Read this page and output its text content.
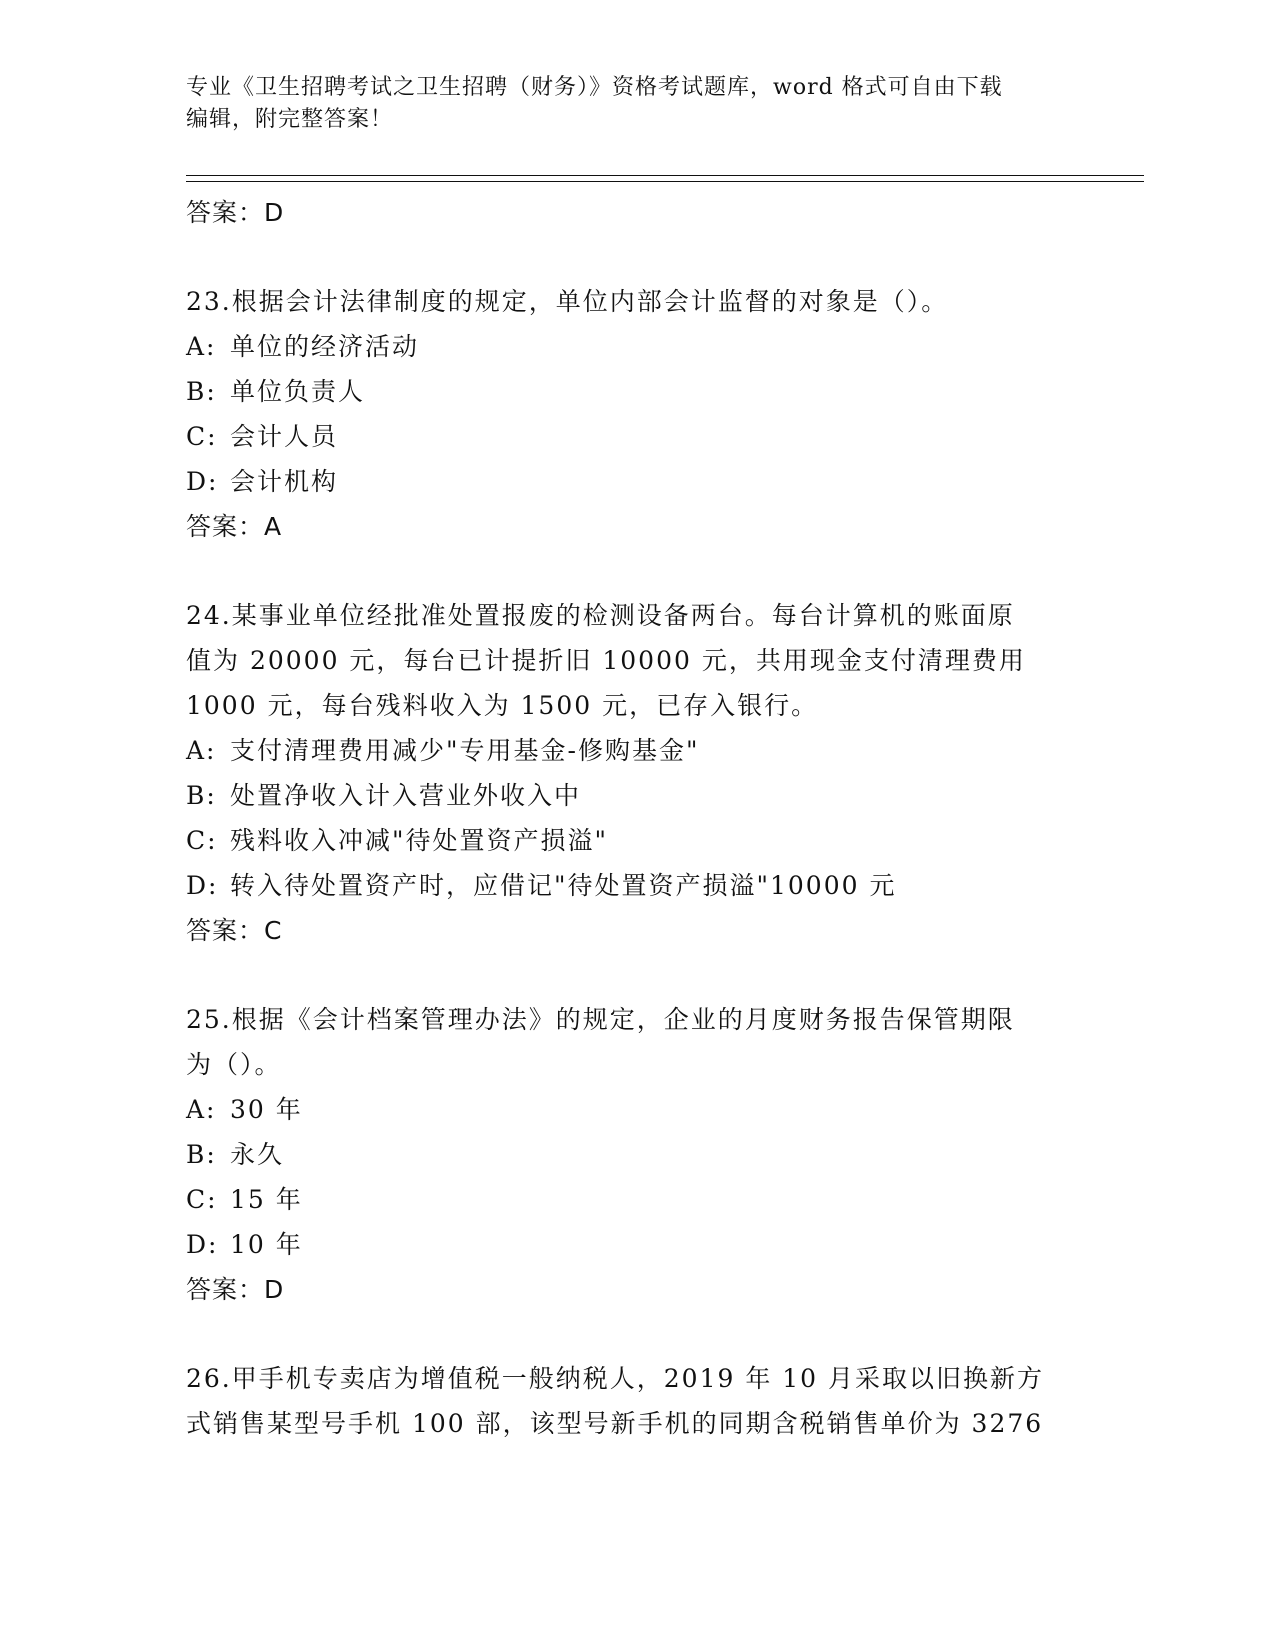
专业《卫生招聘考试之卫生招聘（财务）》资格考试题库，word 格式可自由下载
编辑，附完整答案！
答案：D
23.根据会计法律制度的规定，单位内部会计监督的对象是（）。
A: 单位的经济活动
B: 单位负责人
C: 会计人员
D: 会计机构
答案：A
24.某事业单位经批准处置报废的检测设备两台。每台计算机的账面原
值为 20000 元，每台已计提折旧 10000 元，共用现金支付清理费用
1000 元，每台残料收入为 1500 元，已存入银行。
A: 支付清理费用减少"专用基金-修购基金"
B: 处置净收入计入营业外收入中
C: 残料收入冲减"待处置资产损溢"
D: 转入待处置资产时，应借记"待处置资产损溢"10000 元
答案：C
25.根据《会计档案管理办法》的规定，企业的月度财务报告保管期限
为（）。
A: 30 年
B: 永久
C: 15 年
D: 10 年
答案：D
26.甲手机专卖店为增值税一般纳税人，2019 年 10 月采取以旧换新方
式销售某型号手机 100 部，该型号新手机的同期含税销售单价为 3276
